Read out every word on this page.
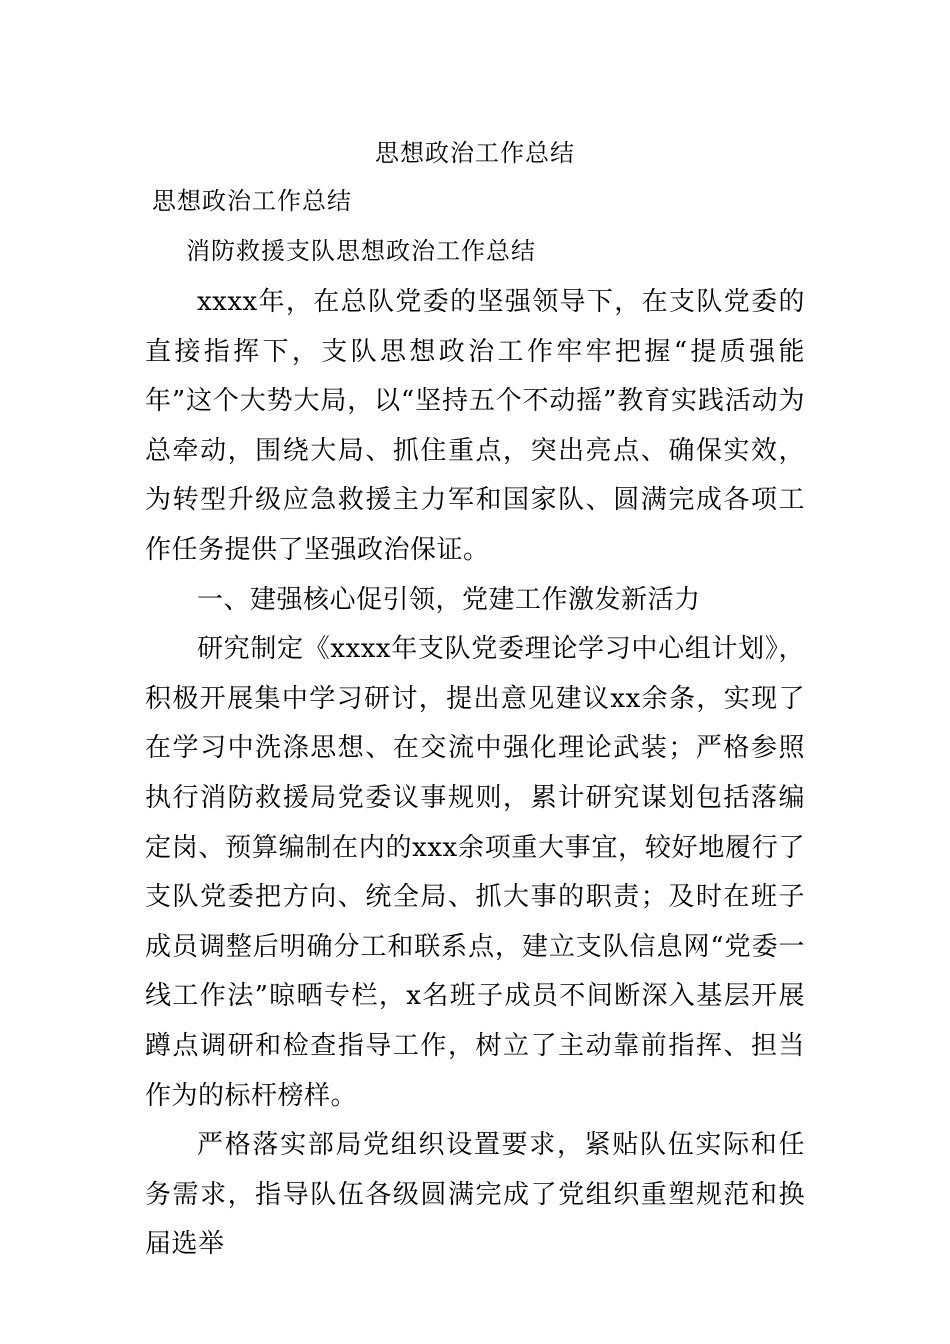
思想政治工作总结
思想政治工作总结
消防救援支队思想政治工作总结

xxxx年，在总队党委的坚强领导下，在支队党委的直接指挥下，支队思想政治工作牢牢把握“提质强能年”这个大势大局，以“坚持五个不动摇”教育实践活动为总牵动，围绕大局、抓住重点，突出亮点、确保实效，为转型升级应急救援主力军和国家队、圆满完成各项工作任务提供了坚强政治保证。

一、建强核心促引领，党建工作激发新活力

研究制定《xxxx年支队党委理论学习中心组计划》，积极开展集中学习研讨，提出意见建议xx余条，实现了在学习中洗涤思想、在交流中强化理论武装；严格参照执行消防救援局党委议事规则，累计研究谋划包括落编定岗、预算编制在内的xxx余项重大事宜，较好地履行了支队党委把方向、统全局、抓大事的职责；及时在班子成员调整后明确分工和联系点，建立支队信息网“党委一线工作法”晾晒专栏，x名班子成员不间断深入基层开展蹲点调研和检查指导工作，树立了主动靠前指挥、担当作为的标杆榜样。

严格落实部局党组织设置要求，紧贴队伍实际和任务需求，指导队伍各级圆满完成了党组织重塑规范和换届选举
